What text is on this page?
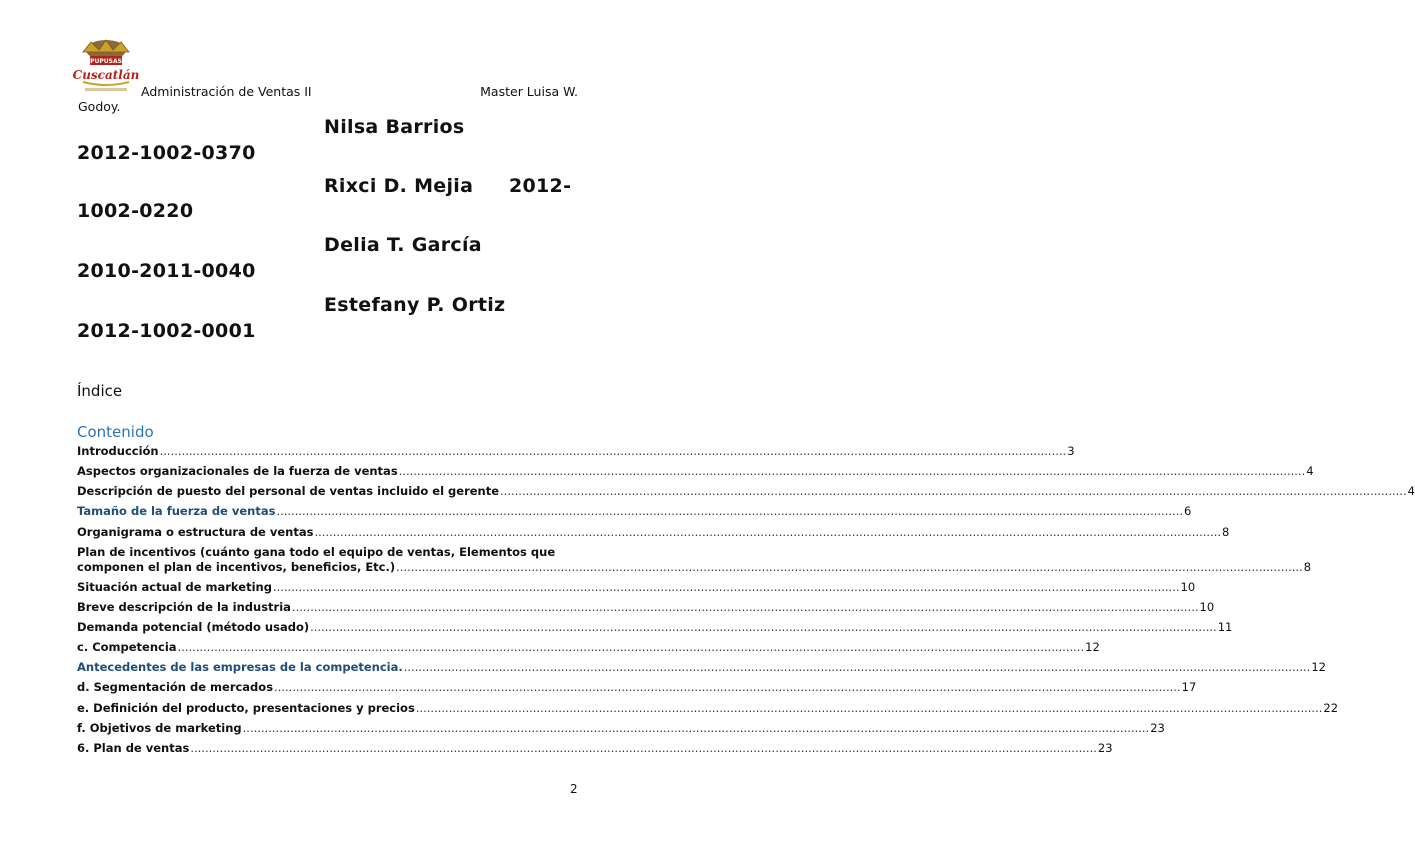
PUPUSAS
Cuscatlán
Administración de Ventas II	Master Luisa W.
Godoy.
Nilsa Barrios
2012-1002-0370
Rixci D. Mejia 2012-
1002-0220
Delia T. García
2010-2011-0040
Estefany P. Ortiz
2012-1002-0001
Índice
Contenido
Introducción .....	3
Aspectos organizacionales de la fuerza de ventas .....	4
Descripción de puesto del personal de ventas incluido el gerente .....	4
Tamaño de la fuerza de ventas .....	6
Organigrama o estructura de ventas .....	8
Plan de incentivos (cuánto gana todo el equipo de ventas, Elementos que
componen el plan de incentivos, beneficios, Etc.) .....	8
Situación actual de marketing .....	10
Breve descripción de la industria .....	10
Demanda potencial (método usado) .....	11
c. Competencia .....	12
Antecedentes de las empresas de la competencia. .....	12
d. Segmentación de mercados .....	17
e. Definición del producto, presentaciones y precios .....	22
f. Objetivos de marketing .....	23
6. Plan de ventas .....	23
2
